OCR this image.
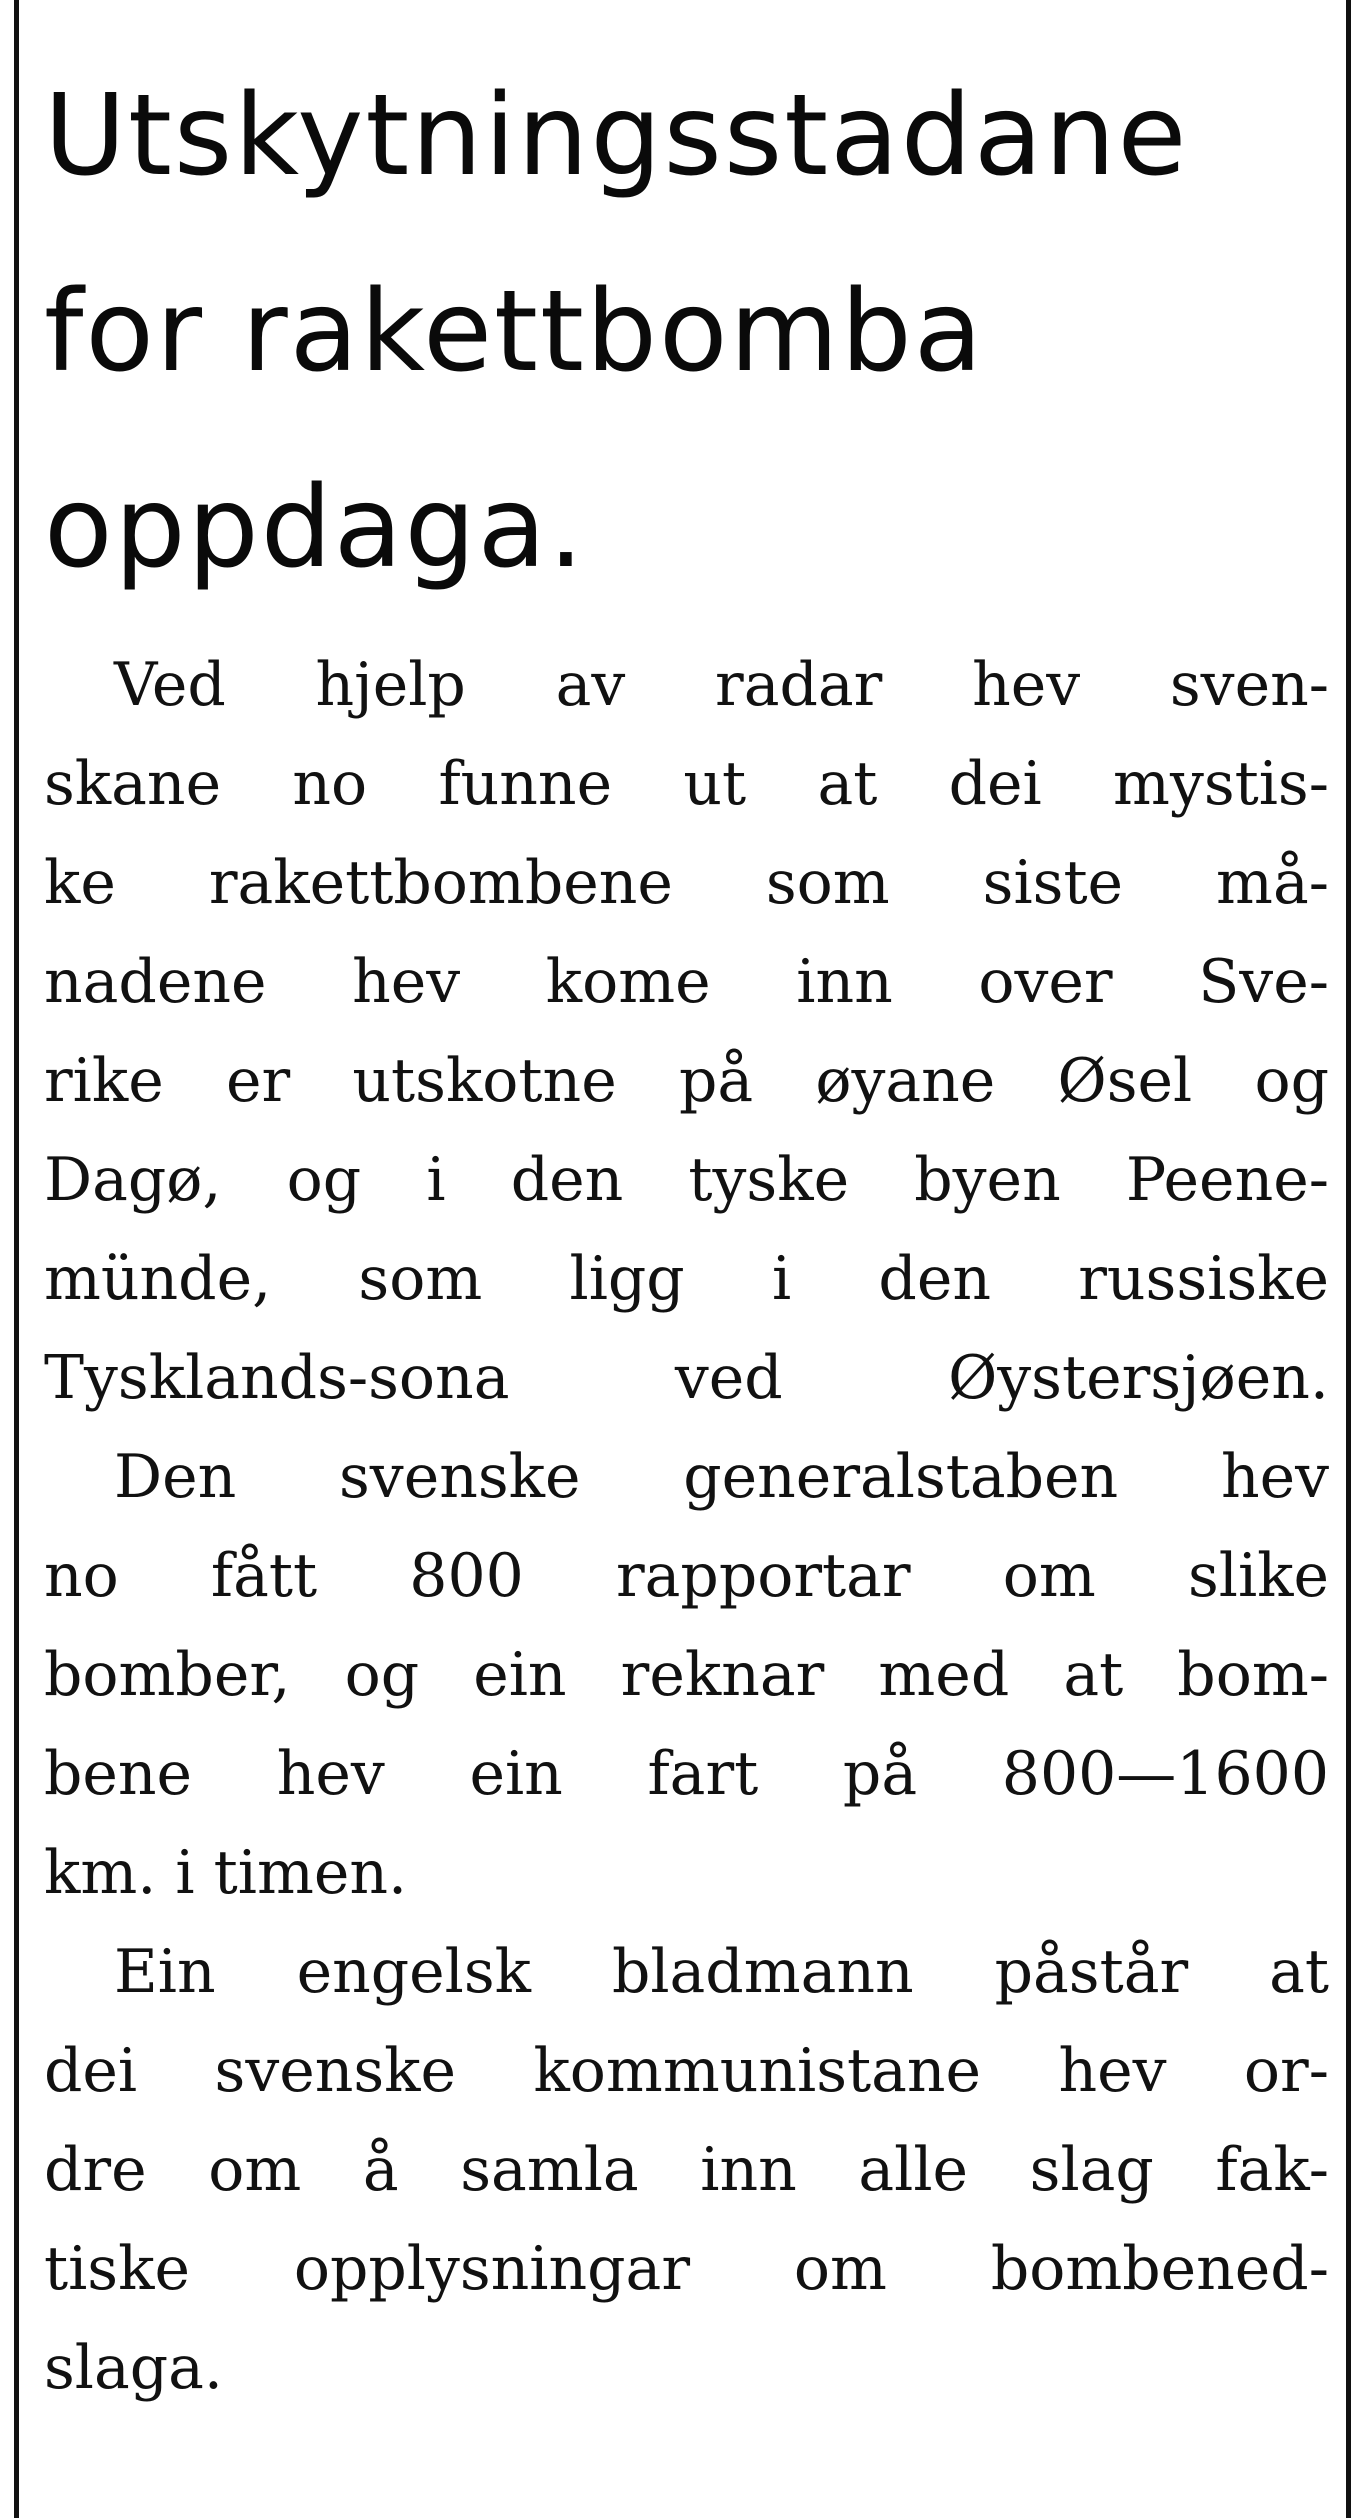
Utskytningsstadane
for rakettbomba
oppdaga.
Ved hjelp av radar hev sven-
skane no funne ut at dei mystis-
ke rakettbombene som siste må-
nadene hev kome inn over Sve-
rike er utskotne på øyane Øsel og
Dagø, og i den tyske byen Peene-
münde, som ligg i den russiske
Tysklands-sona ved Øystersjøen.
Den svenske generalstaben hev
no fått 800 rapportar om slike
bomber, og ein reknar med at bom-
bene hev ein fart på 800—1600
km. i timen.
Ein engelsk bladmann påstår at
dei svenske kommunistane hev or-
dre om å samla inn alle slag fak-
tiske opplysningar om bombened-
slaga.
